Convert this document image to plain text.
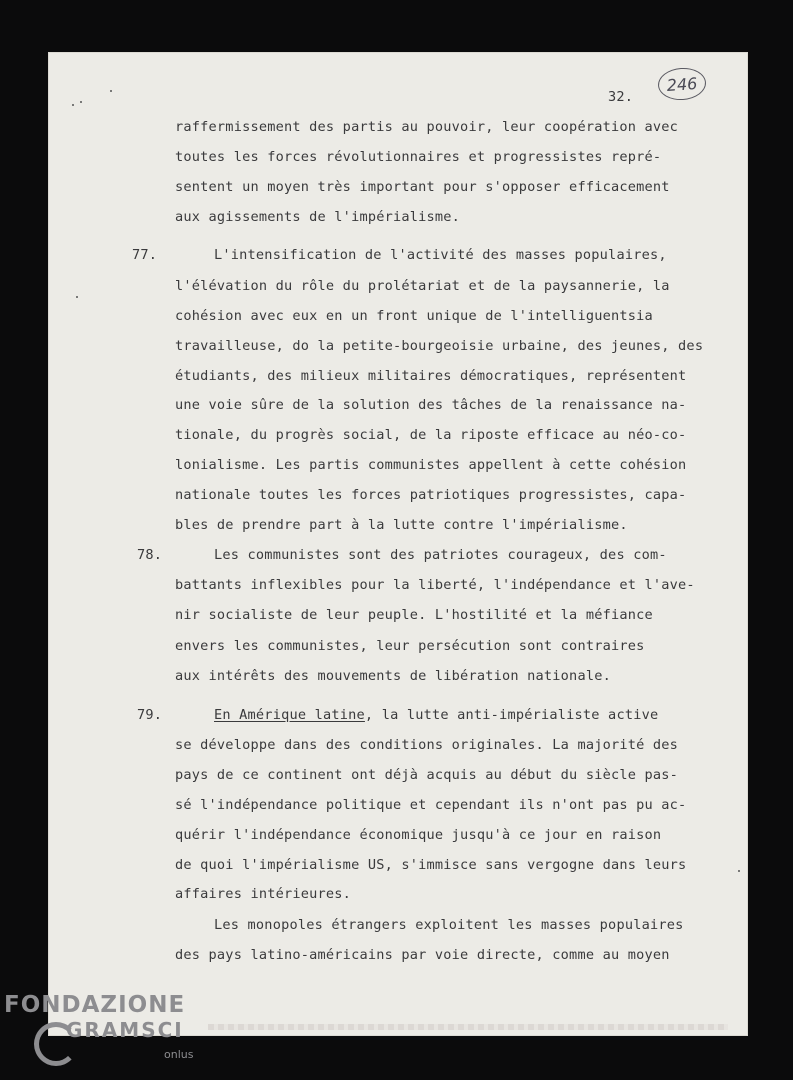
32.
246
raffermissement des partis au pouvoir, leur coopération avec
toutes les forces révolutionnaires et progressistes repré-
sentent un moyen très important pour s'opposer efficacement
aux agissements de l'impérialisme.
77.	L'intensification de l'activité des masses populaires,
l'élévation du rôle du prolétariat et de la paysannerie, la
cohésion avec eux en un front unique de l'intelliguentsia
travailleuse, do la petite-bourgeoisie urbaine, des jeunes, des
étudiants, des milieux militaires démocratiques, représentent
une voie sûre de la solution des tâches de la renaissance na-
tionale, du progrès social, de la riposte efficace au néo-co-
lonialisme. Les partis communistes appellent à cette cohésion
nationale toutes les forces patriotiques progressistes, capa-
bles de prendre part à la lutte contre l'impérialisme.
78.	Les communistes sont des patriotes courageux, des com-
battants inflexibles pour la liberté, l'indépendance et l'ave-
nir socialiste de leur peuple. L'hostilité et la méfiance
envers les communistes, leur persécution sont contraires
aux intérêts des mouvements de libération nationale.
79.	En Amérique latine, la lutte anti-impérialiste active
se développe dans des conditions originales. La majorité des
pays de ce continent ont déjà acquis au début du siècle pas-
sé l'indépendance politique et cependant ils n'ont pas pu ac-
quérir l'indépendance économique jusqu'à ce jour en raison
de quoi l'impérialisme US, s'immisce sans vergogne dans leurs
affaires intérieures.
Les monopoles étrangers exploitent les masses populaires
des pays latino-américains par voie directe, comme au moyen
FONDAZIONE
GRAMSCI
onlus
